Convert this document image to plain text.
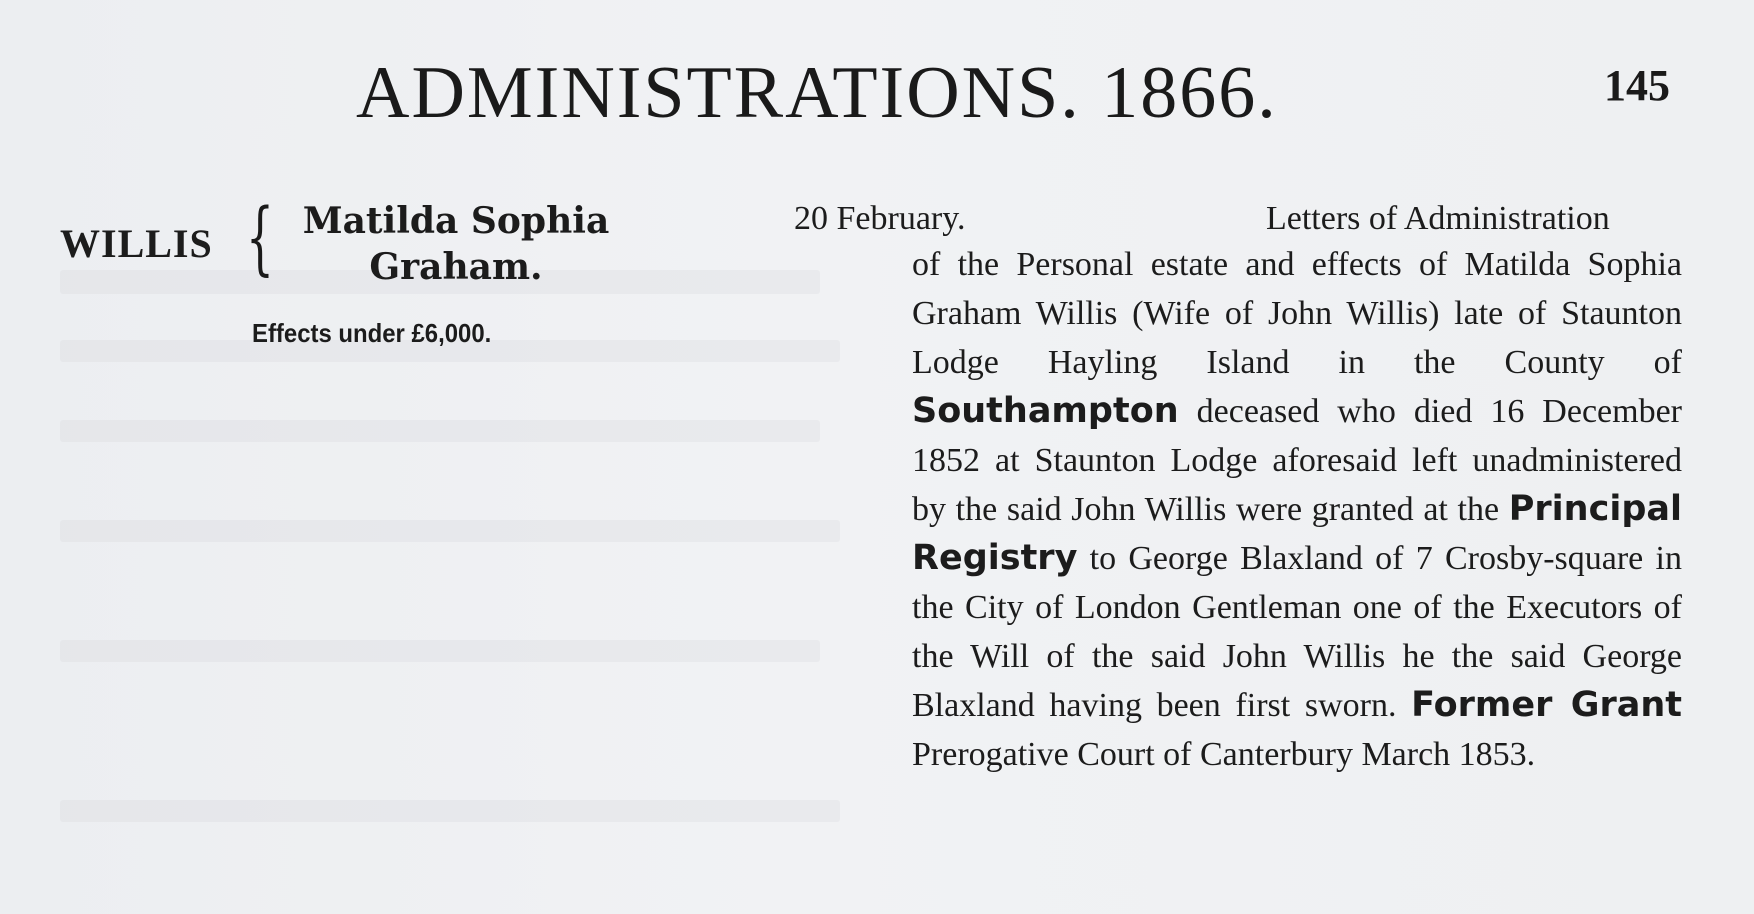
ADMINISTRATIONS. 1866.	145
WILLIS { Matilda Sophia
Graham.
Effects under £6,000.
20 February.	Letters of Administration
of the Personal estate and effects of Matilda Sophia Graham Willis (Wife of John Willis) late of Staunton Lodge Hayling Island in the County of Southampton deceased who died 16 December 1852 at Staunton Lodge aforesaid left unadministered by the said John Willis were granted at the Principal Registry to George Blaxland of 7 Crosby-square in the City of London Gentleman one of the Executors of the Will of the said John Willis he the said George Blaxland having been first sworn. Former Grant Prerogative Court of Canterbury March 1853.
